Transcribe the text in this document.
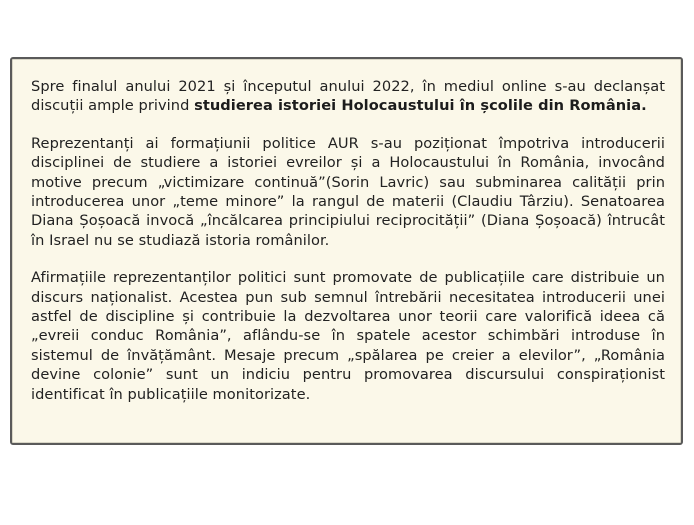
Spre finalul anului 2021 și începutul anului 2022, în mediul online s-au declanșat discuții ample privind studierea istoriei Holocaustului în școlile din România.

Reprezentanți ai formațiunii politice AUR s-au poziționat împotriva introducerii disciplinei de studiere a istoriei evreilor și a Holocaustului în România, invocând motive precum „victimizare continuă”(Sorin Lavric) sau subminarea calității prin introducerea unor „teme minore” la rangul de materii (Claudiu Târziu). Senatoarea Diana Șoșoacă invocă „încălcarea principiului reciprocității” (Diana Șoșoacă) întrucât în Israel nu se studiază istoria românilor.

Afirmațiile reprezentanților politici sunt promovate de publicațiile care distribuie un discurs naționalist. Acestea pun sub semnul întrebării necesitatea introducerii unei astfel de discipline și contribuie la dezvoltarea unor teorii care valorifică ideea că „evreii conduc România”, aflându-se în spatele acestor schimbări introduse în sistemul de învățământ. Mesaje precum „spălarea pe creier a elevilor”, „România devine colonie” sunt un indiciu pentru promovarea discursului conspiraționist identificat în publicațiile monitorizate.
